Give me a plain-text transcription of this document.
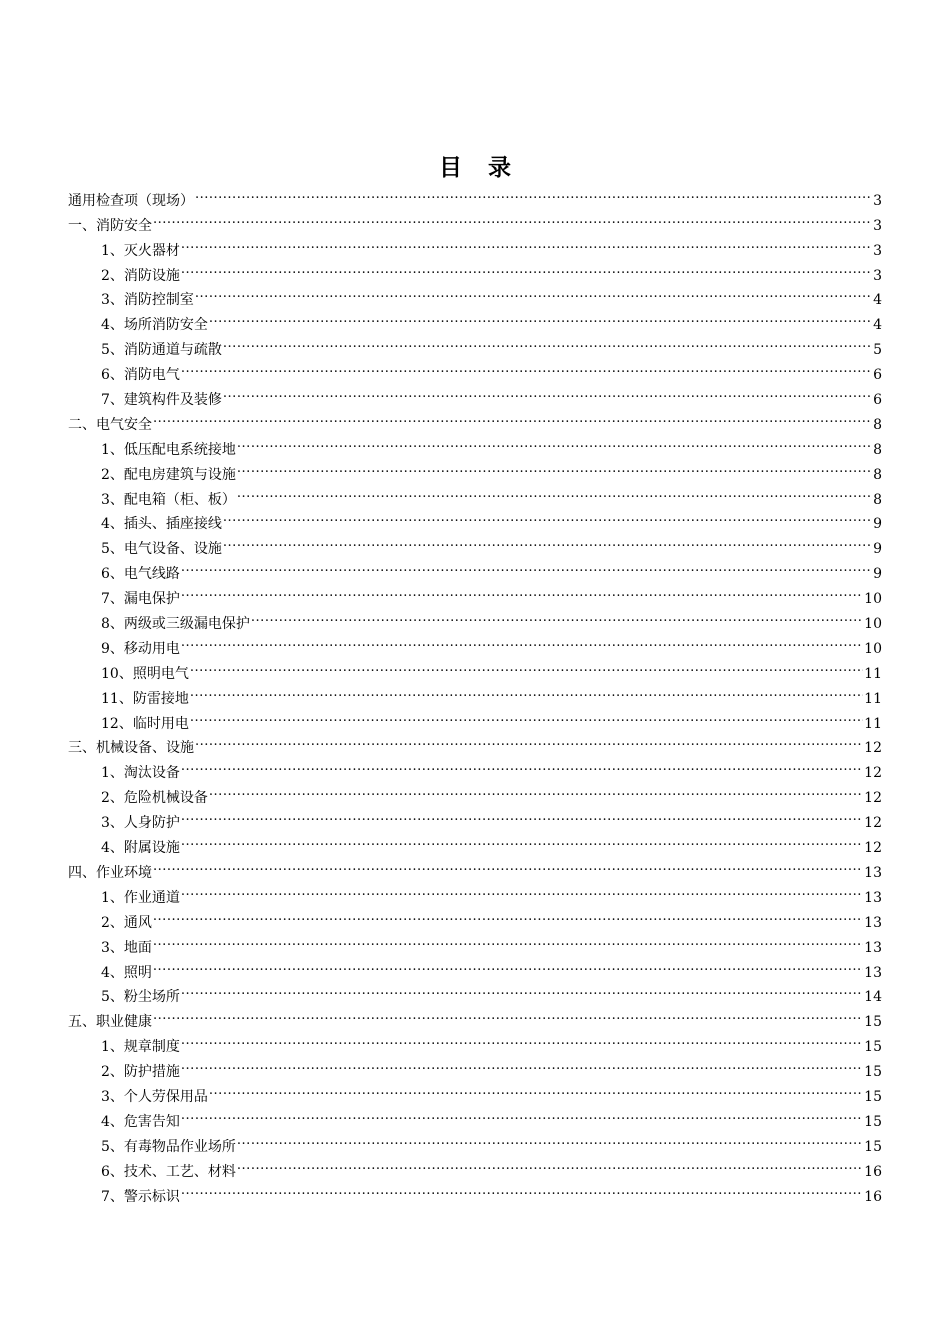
目 录
通用检查项（现场） .....	3
一、消防安全 .....	3
1、灭火器材 .....	3
2、消防设施 .....	3
3、消防控制室 .....	4
4、场所消防安全 .....	4
5、消防通道与疏散 .....	5
6、消防电气 .....	6
7、建筑构件及装修 .....	6
二、电气安全 .....	8
1、低压配电系统接地 .....	8
2、配电房建筑与设施 .....	8
3、配电箱（柜、板） .....	8
4、插头、插座接线 .....	9
5、电气设备、设施 .....	9
6、电气线路 .....	9
7、漏电保护 .....	10
8、两级或三级漏电保护 .....	10
9、移动用电 .....	10
10、照明电气 .....	11
11、防雷接地 .....	11
12、临时用电 .....	11
三、机械设备、设施 .....	12
1、淘汰设备 .....	12
2、危险机械设备 .....	12
3、人身防护 .....	12
4、附属设施 .....	12
四、作业环境 .....	13
1、作业通道 .....	13
2、通风 .....	13
3、地面 .....	13
4、照明 .....	13
5、粉尘场所 .....	14
五、职业健康 .....	15
1、规章制度 .....	15
2、防护措施 .....	15
3、个人劳保用品 .....	15
4、危害告知 .....	15
5、有毒物品作业场所 .....	15
6、技术、工艺、材料 .....	16
7、警示标识 .....	16
